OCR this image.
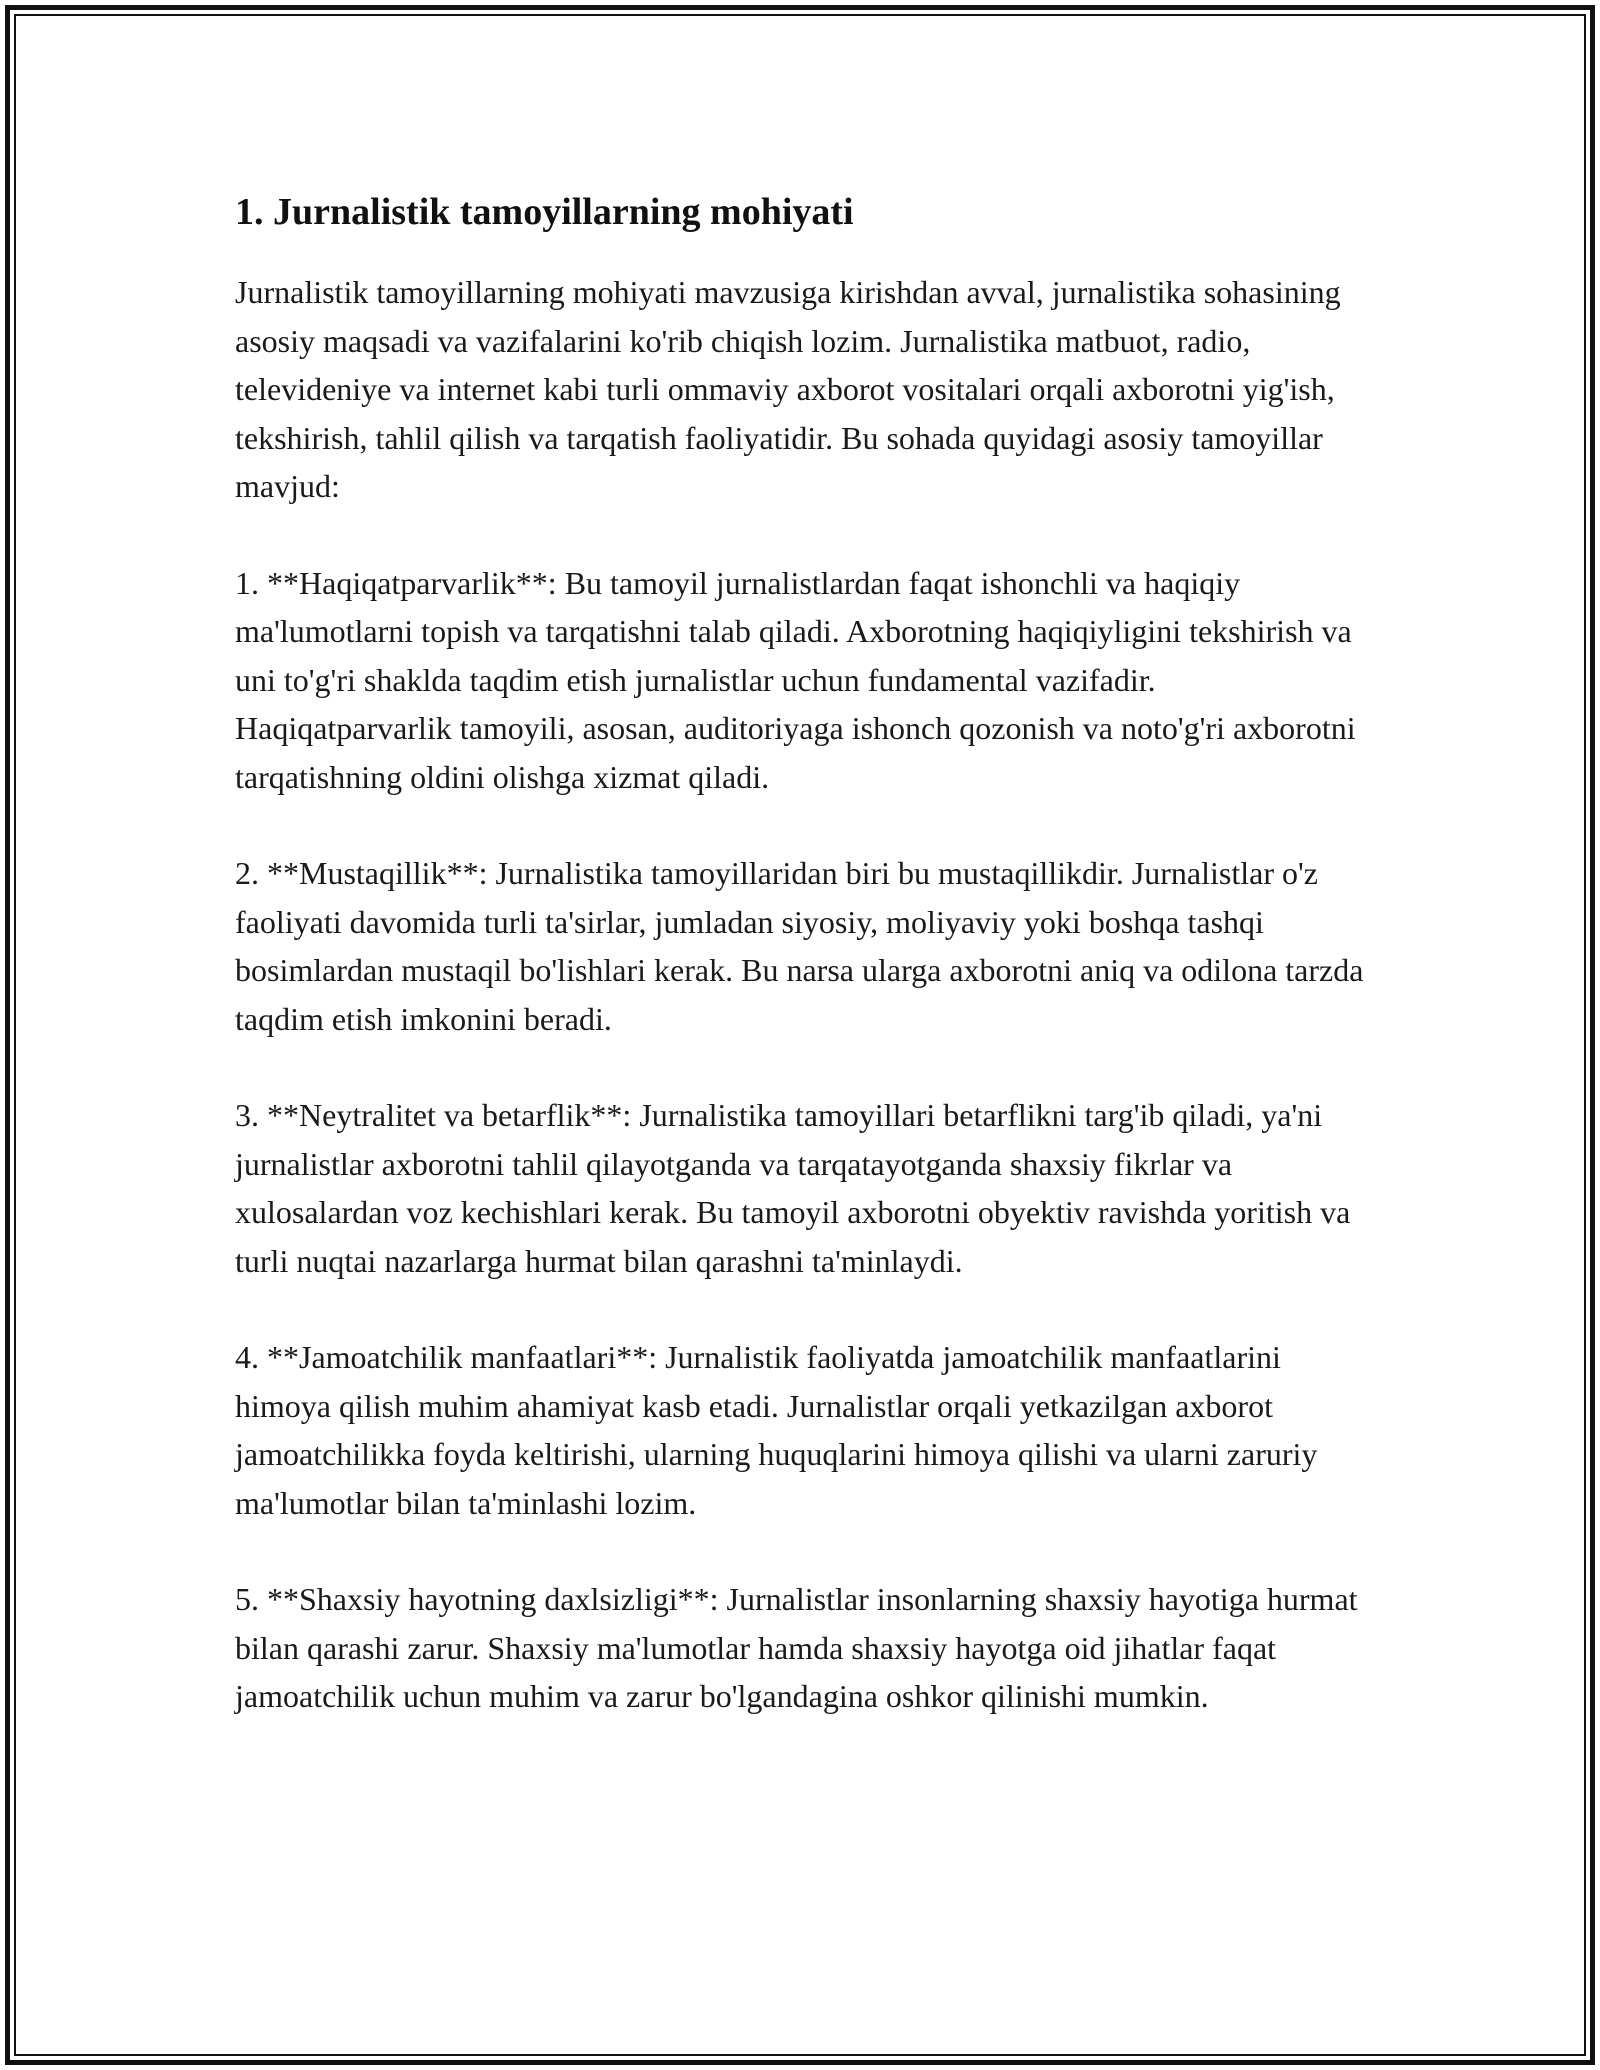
1. Jurnalistik tamoyillarning mohiyati

Jurnalistik tamoyillarning mohiyati mavzusiga kirishdan avval, jurnalistika sohasining asosiy maqsadi va vazifalarini ko'rib chiqish lozim. Jurnalistika matbuot, radio, televideniye va internet kabi turli ommaviy axborot vositalari orqali axborotni yig'ish, tekshirish, tahlil qilish va tarqatish faoliyatidir. Bu sohada quyidagi asosiy tamoyillar mavjud:

1. **Haqiqatparvarlik**: Bu tamoyil jurnalistlardan faqat ishonchli va haqiqiy ma'lumotlarni topish va tarqatishni talab qiladi. Axborotning haqiqiyligini tekshirish va uni to'g'ri shaklda taqdim etish jurnalistlar uchun fundamental vazifadir. Haqiqatparvarlik tamoyili, asosan, auditoriyaga ishonch qozonish va noto'g'ri axborotni tarqatishning oldini olishga xizmat qiladi.

2. **Mustaqillik**: Jurnalistika tamoyillaridan biri bu mustaqillikdir. Jurnalistlar o'z faoliyati davomida turli ta'sirlar, jumladan siyosiy, moliyaviy yoki boshqa tashqi bosimlardan mustaqil bo'lishlari kerak. Bu narsa ularga axborotni aniq va odilona tarzda taqdim etish imkonini beradi.

3. **Neytralitet va betarflik**: Jurnalistika tamoyillari betarflikni targ'ib qiladi, ya'ni jurnalistlar axborotni tahlil qilayotganda va tarqatayotganda shaxsiy fikrlar va xulosalardan voz kechishlari kerak. Bu tamoyil axborotni obyektiv ravishda yoritish va turli nuqtai nazarlarga hurmat bilan qarashni ta'minlaydi.

4. **Jamoatchilik manfaatlari**: Jurnalistik faoliyatda jamoatchilik manfaatlarini himoya qilish muhim ahamiyat kasb etadi. Jurnalistlar orqali yetkazilgan axborot jamoatchilikka foyda keltirishi, ularning huquqlarini himoya qilishi va ularni zaruriy ma'lumotlar bilan ta'minlashi lozim.

5. **Shaxsiy hayotning daxlsizligi**: Jurnalistlar insonlarning shaxsiy hayotiga hurmat bilan qarashi zarur. Shaxsiy ma'lumotlar hamda shaxsiy hayotga oid jihatlar faqat jamoatchilik uchun muhim va zarur bo'lgandagina oshkor qilinishi mumkin.
